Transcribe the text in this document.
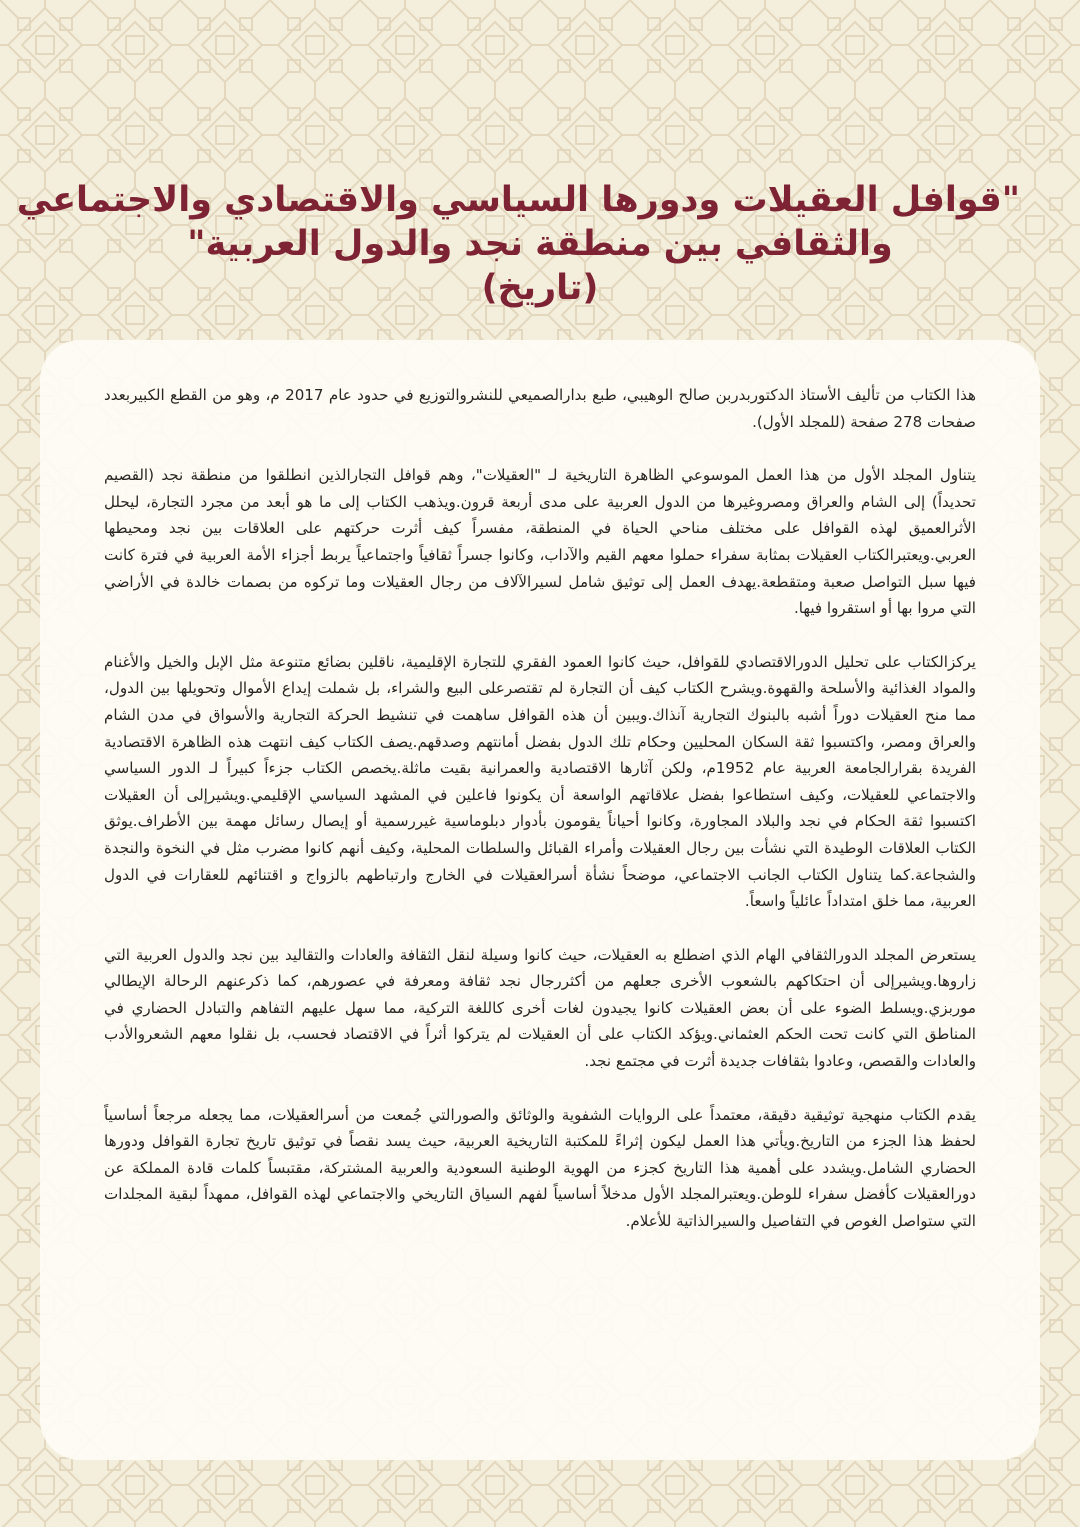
"قوافل العقيلات ودورها السياسي والاقتصادي والاجتماعي
والثقافي بين منطقة نجد والدول العربية"
(تاريخ)

هذا الكتاب من تأليف الأستاذ الدكتوربدربن صالح الوهيبي، طبع بدارالصميعي للنشروالتوزيع في حدود عام 2017 م، وهو من القطع الكبيربعدد صفحات 278 صفحة (للمجلد الأول).

يتناول المجلد الأول من هذا العمل الموسوعي الظاهرة التاريخية لـ "العقيلات"، وهم قوافل التجارالذين انطلقوا من منطقة نجد (القصيم تحديداً) إلى الشام والعراق ومصروغيرها من الدول العربية على مدى أربعة قرون.ويذهب الكتاب إلى ما هو أبعد من مجرد التجارة، ليحلل الأثرالعميق لهذه القوافل على مختلف مناحي الحياة في المنطقة، مفسراً كيف أثرت حركتهم على العلاقات بين نجد ومحيطها العربي.ويعتبرالكتاب العقيلات بمثابة سفراء حملوا معهم القيم والآداب، وكانوا جسراً ثقافياً واجتماعياً يربط أجزاء الأمة العربية في فترة كانت فيها سبل التواصل صعبة ومتقطعة.يهدف العمل إلى توثيق شامل لسيرالآلاف من رجال العقيلات وما تركوه من بصمات خالدة في الأراضي التي مروا بها أو استقروا فيها.

يركزالكتاب على تحليل الدورالاقتصادي للقوافل، حيث كانوا العمود الفقري للتجارة الإقليمية، ناقلين بضائع متنوعة مثل الإبل والخيل والأغنام والمواد الغذائية والأسلحة والقهوة.ويشرح الكتاب كيف أن التجارة لم تقتصرعلى البيع والشراء، بل شملت إيداع الأموال وتحويلها بين الدول، مما منح العقيلات دوراً أشبه بالبنوك التجارية آنذاك.ويبين أن هذه القوافل ساهمت في تنشيط الحركة التجارية والأسواق في مدن الشام والعراق ومصر، واكتسبوا ثقة السكان المحليين وحكام تلك الدول بفضل أمانتهم وصدقهم.يصف الكتاب كيف انتهت هذه الظاهرة الاقتصادية الفريدة بقرارالجامعة العربية عام 1952م، ولكن آثارها الاقتصادية والعمرانية بقيت ماثلة.يخصص الكتاب جزءاً كبيراً لـ الدور السياسي والاجتماعي للعقيلات، وكيف استطاعوا بفضل علاقاتهم الواسعة أن يكونوا فاعلين في المشهد السياسي الإقليمي.ويشيرإلى أن العقيلات اكتسبوا ثقة الحكام في نجد والبلاد المجاورة، وكانوا أحياناً يقومون بأدوار دبلوماسية غيررسمية أو إيصال رسائل مهمة بين الأطراف.يوثق الكتاب العلاقات الوطيدة التي نشأت بين رجال العقيلات وأمراء القبائل والسلطات المحلية، وكيف أنهم كانوا مضرب مثل في النخوة والنجدة والشجاعة.كما يتناول الكتاب الجانب الاجتماعي، موضحاً نشأة أسرالعقيلات في الخارج وارتباطهم بالزواج و اقتنائهم للعقارات في الدول العربية، مما خلق امتداداً عائلياً واسعاً.

يستعرض المجلد الدورالثقافي الهام الذي اضطلع به العقيلات، حيث كانوا وسيلة لنقل الثقافة والعادات والتقاليد بين نجد والدول العربية التي زاروها.ويشيرإلى أن احتكاكهم بالشعوب الأخرى جعلهم من أكثررجال نجد ثقافة ومعرفة في عصورهم، كما ذكرعنهم الرحالة الإيطالي موربزي.ويسلط الضوء على أن بعض العقيلات كانوا يجيدون لغات أخرى كاللغة التركية، مما سهل عليهم التفاهم والتبادل الحضاري في المناطق التي كانت تحت الحكم العثماني.ويؤكد الكتاب على أن العقيلات لم يتركوا أثراً في الاقتصاد فحسب، بل نقلوا معهم الشعروالأدب والعادات والقصص، وعادوا بثقافات جديدة أثرت في مجتمع نجد.

يقدم الكتاب منهجية توثيقية دقيقة، معتمداً على الروايات الشفوية والوثائق والصورالتي جُمعت من أسرالعقيلات، مما يجعله مرجعاً أساسياً لحفظ هذا الجزء من التاريخ.ويأتي هذا العمل ليكون إثراءً للمكتبة التاريخية العربية، حيث يسد نقصاً في توثيق تاريخ تجارة القوافل ودورها الحضاري الشامل.ويشدد على أهمية هذا التاريخ كجزء من الهوية الوطنية السعودية والعربية المشتركة، مقتبساً كلمات قادة المملكة عن دورالعقيلات كأفضل سفراء للوطن.ويعتبرالمجلد الأول مدخلاً أساسياً لفهم السياق التاريخي والاجتماعي لهذه القوافل، ممهداً لبقية المجلدات التي ستواصل الغوص في التفاصيل والسيرالذاتية للأعلام.
